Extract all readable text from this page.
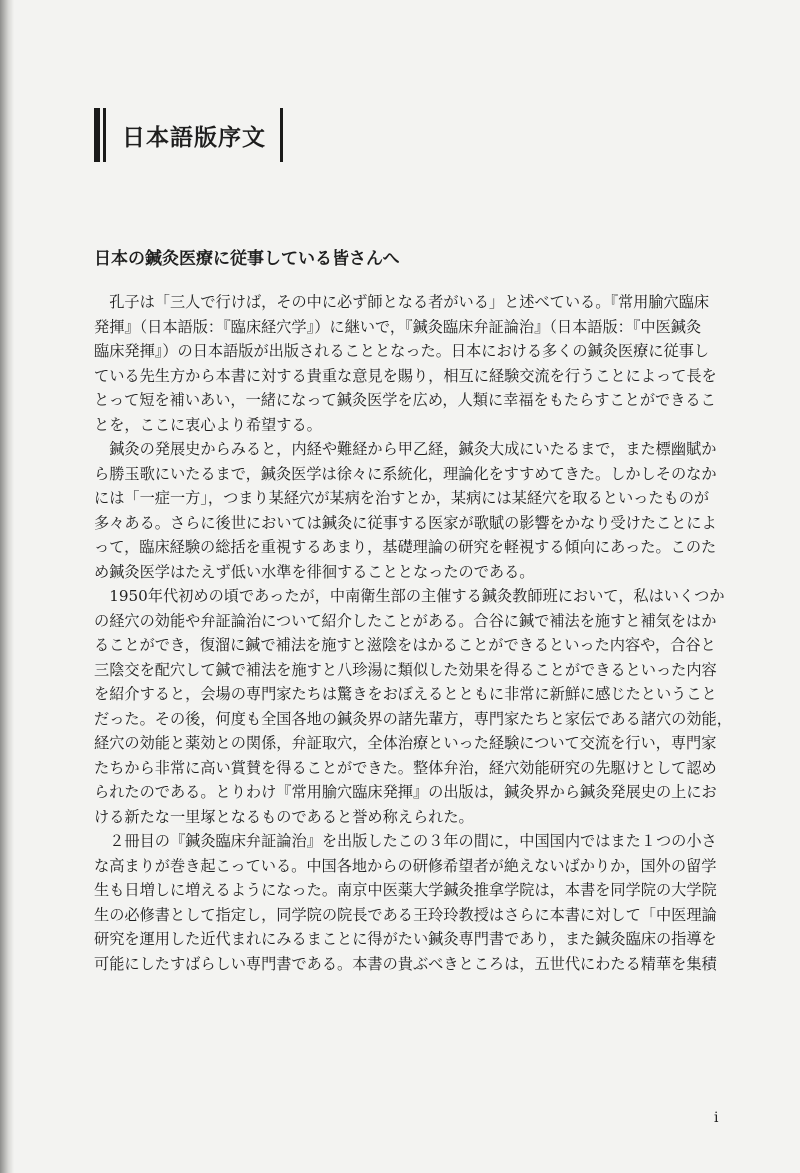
日本語版序文
日本の鍼灸医療に従事している皆さんへ
　孔子は「三人で行けば，その中に必ず師となる者がいる」と述べている。『常用腧穴臨床
発揮』（日本語版：『臨床経穴学』）に継いで，『鍼灸臨床弁証論治』（日本語版：『中医鍼灸
臨床発揮』）の日本語版が出版されることとなった。日本における多くの鍼灸医療に従事し
ている先生方から本書に対する貴重な意見を賜り，相互に経験交流を行うことによって長を
とって短を補いあい，一緒になって鍼灸医学を広め，人類に幸福をもたらすことができるこ
とを，ここに衷心より希望する。
　鍼灸の発展史からみると，内経や難経から甲乙経，鍼灸大成にいたるまで，また標幽賦か
ら勝玉歌にいたるまで，鍼灸医学は徐々に系統化，理論化をすすめてきた。しかしそのなか
には「一症一方」，つまり某経穴が某病を治すとか，某病には某経穴を取るといったものが
多々ある。さらに後世においては鍼灸に従事する医家が歌賦の影響をかなり受けたことによ
って，臨床経験の総括を重視するあまり，基礎理論の研究を軽視する傾向にあった。このた
め鍼灸医学はたえず低い水準を徘徊することとなったのである。
　1950年代初めの頃であったが，中南衛生部の主催する鍼灸教師班において，私はいくつか
の経穴の効能や弁証論治について紹介したことがある。合谷に鍼で補法を施すと補気をはか
ることができ，復溜に鍼で補法を施すと滋陰をはかることができるといった内容や，合谷と
三陰交を配穴して鍼で補法を施すと八珍湯に類似した効果を得ることができるといった内容
を紹介すると，会場の専門家たちは驚きをおぼえるとともに非常に新鮮に感じたということ
だった。その後，何度も全国各地の鍼灸界の諸先輩方，専門家たちと家伝である諸穴の効能，
経穴の効能と薬効との関係，弁証取穴，全体治療といった経験について交流を行い，専門家
たちから非常に高い賞賛を得ることができた。整体弁治，経穴効能研究の先駆けとして認め
られたのである。とりわけ『常用腧穴臨床発揮』の出版は，鍼灸界から鍼灸発展史の上にお
ける新たな一里塚となるものであると誉め称えられた。
　２冊目の『鍼灸臨床弁証論治』を出版したこの３年の間に，中国国内ではまた１つの小さ
な高まりが巻き起こっている。中国各地からの研修希望者が絶えないばかりか，国外の留学
生も日増しに増えるようになった。南京中医薬大学鍼灸推拿学院は，本書を同学院の大学院
生の必修書として指定し，同学院の院長である王玲玲教授はさらに本書に対して「中医理論
研究を運用した近代まれにみるまことに得がたい鍼灸専門書であり，また鍼灸臨床の指導を
可能にしたすばらしい専門書である。本書の貴ぶべきところは，五世代にわたる精華を集積
i
